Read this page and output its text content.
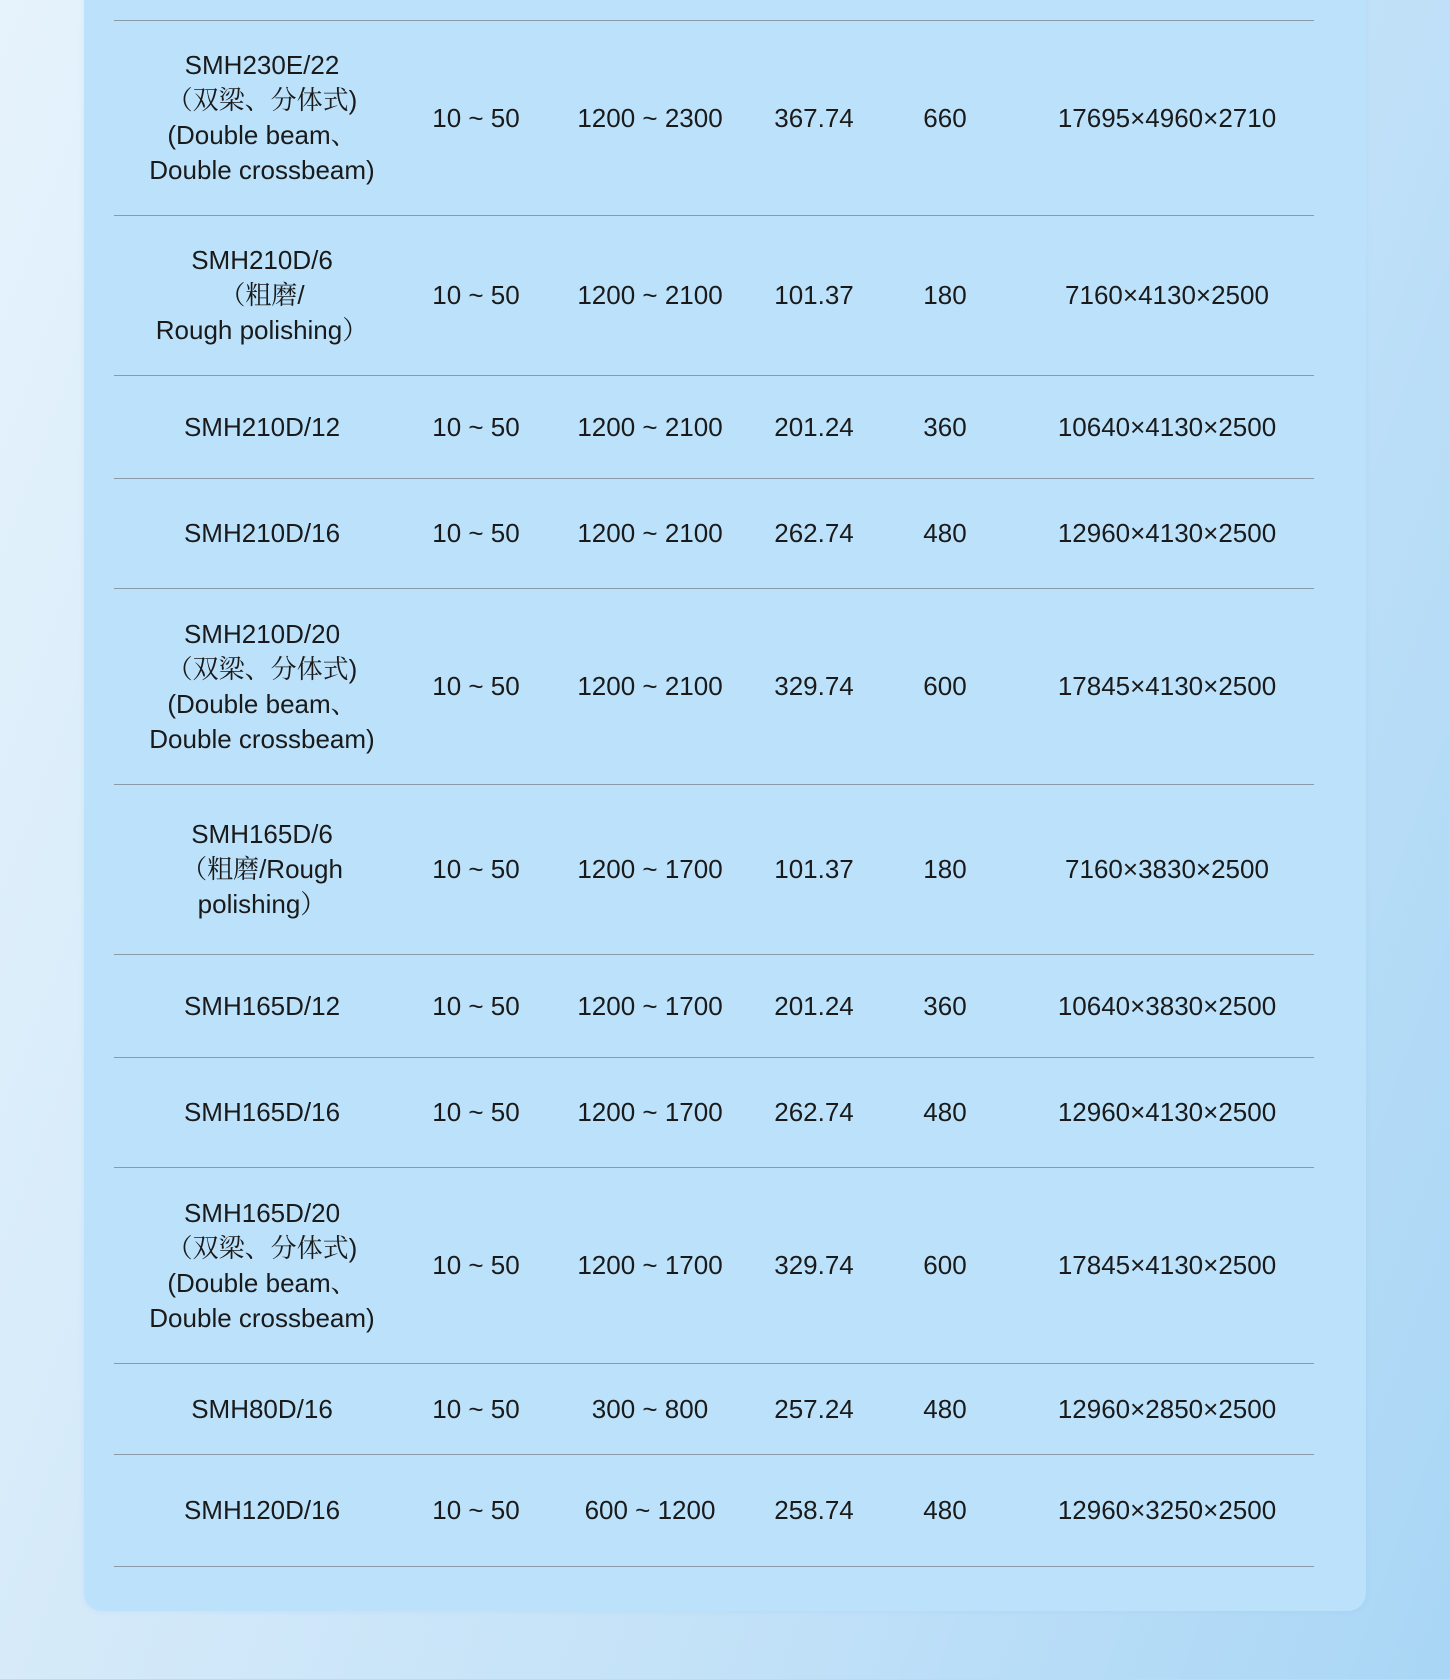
SMH230E/22
（双梁、分体式)
(Double beam、
Double crossbeam)
10 ~ 50	1200 ~ 2300	367.74	660	17695×4960×2710
SMH210D/6
（粗磨/
Rough polishing）
10 ~ 50	1200 ~ 2100	101.37	180	7160×4130×2500
SMH210D/12	10 ~ 50	1200 ~ 2100	201.24	360	10640×4130×2500
SMH210D/16	10 ~ 50	1200 ~ 2100	262.74	480	12960×4130×2500
SMH210D/20
（双梁、分体式)
(Double beam、
Double crossbeam)
10 ~ 50	1200 ~ 2100	329.74	600	17845×4130×2500
SMH165D/6
（粗磨/Rough
polishing）
10 ~ 50	1200 ~ 1700	101.37	180	7160×3830×2500
SMH165D/12	10 ~ 50	1200 ~ 1700	201.24	360	10640×3830×2500
SMH165D/16	10 ~ 50	1200 ~ 1700	262.74	480	12960×4130×2500
SMH165D/20
（双梁、分体式)
(Double beam、
Double crossbeam)
10 ~ 50	1200 ~ 1700	329.74	600	17845×4130×2500
SMH80D/16	10 ~ 50	300 ~ 800	257.24	480	12960×2850×2500
SMH120D/16	10 ~ 50	600 ~ 1200	258.74	480	12960×3250×2500
